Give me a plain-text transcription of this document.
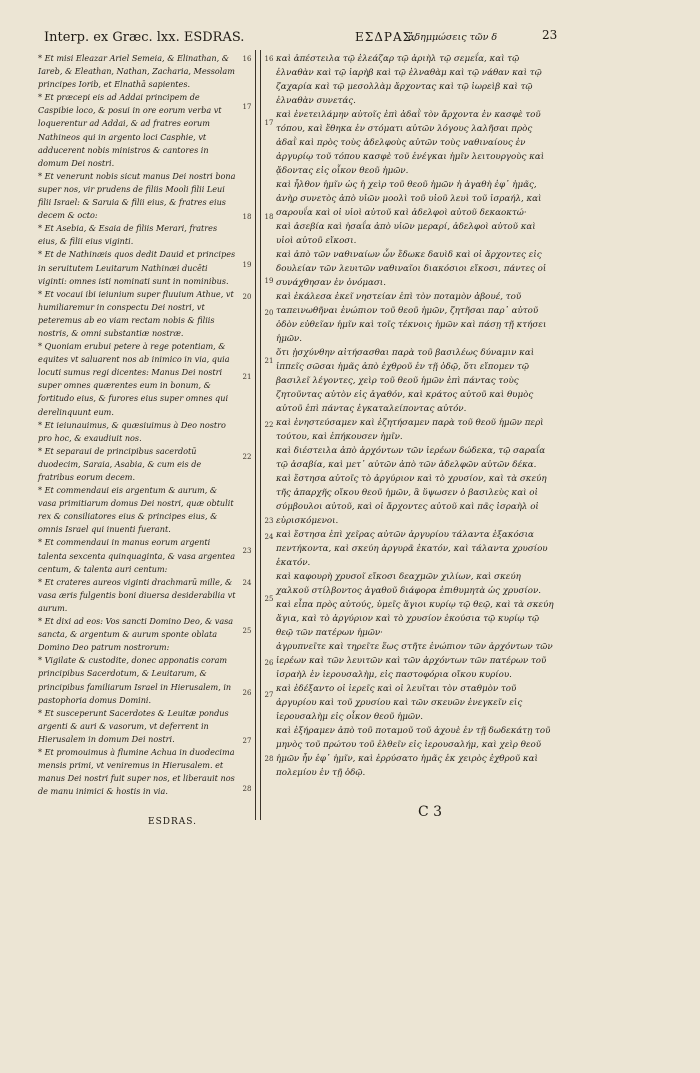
Interp. ex Græc. lxx. ESDRAS.	ΕΣΔΡΑΣ.
ἀδημμώσεις τῶν δ	23
16
17
18
19
20
21
22
23
24
25
26
27
28

* Et misi Eleazar Ariel Semeia, & Elinathan, & Iareb, & Eleathan, Nathan, Zacharia, Messolam principes Iorib, et Elnathā sapientes.

* Et præcepi eis ad Addai principem de Caspibie loco, & posui in ore eorum verba vt loquerentur ad Addai, & ad fratres eorum Nathineos qui in argento loci Casphie, vt adducerent nobis ministros & cantores in domum Dei nostri.

* Et venerunt nobis sicut manus Dei nostri bona super nos, vir prudens de filiis Mooli filii Leui filii Israel: & Saruia & filii eius, & fratres eius decem & octo:

* Et Asebia, & Esaia de filiis Merari, fratres eius, & filii eius viginti.

* Et de Nathinæis quos dedit Dauid et principes in seruitutem Leuitarum Nathinæi ducēti viginti: omnes isti nominati sunt in nominibus.

* Et vocaui ibi ieiunium super fluuium Athue, vt humiliaremur in conspectu Dei nostri, vt peteremus ab eo viam rectam nobis & filiis nostris, & omni substantiæ nostræ.

* Quoniam erubui petere à rege potentiam, & equites vt saluarent nos ab inimico in via, quia locuti sumus regi dicentes: Manus Dei nostri super omnes quærentes eum in bonum, & fortitudo eius, & furores eius super omnes qui derelinquunt eum.

* Et ieiunauimus, & quæsiuimus à Deo nostro pro hoc, & exaudiuit nos.

* Et separaui de principibus sacerdotū duodecim, Saraia, Asabia, & cum eis de fratribus eorum decem.

* Et commendaui eis argentum & aurum, & vasa primitiarum domus Dei nostri, quæ obtulit rex & consiliatores eius & principes eius, & omnis Israel qui inuenti fuerant.

* Et commendaui in manus eorum argenti talenta sexcenta quinquaginta, & vasa argentea centum, & talenta auri centum:

* Et crateres aureos viginti drachmarū mille, & vasa æris fulgentis boni diuersa desiderabilia vt aurum.

* Et dixi ad eos: Vos sancti Domino Deo, & vasa sancta, & argentum & aurum sponte oblata Domino Deo patrum nostrorum:

* Vigilate & custodite, donec apponatis coram principibus Sacerdotum, & Leuitarum, & principibus familiarum Israel in Hierusalem, in pastophoria domus Domini.

* Et susceperunt Sacerdotes & Leuitæ pondus argenti & auri & vasorum, vt deferrent in Hierusalem in domum Dei nostri.

* Et promouimus à flumine Achua in duodecima mensis primi, vt veniremus in Hierusalem. et manus Dei nostri fuit super nos, et liberauit nos de manu inimici & hostis in via.

16
17
18
19
20
21
22
23
24
25
26
27
28

καὶ ἀπέστειλα τῷ ἐλεάζαρ τῷ ἀριὴλ τῷ σεμεΐα, καὶ τῷ ἐλναθὰν καὶ τῷ ἰαρὴβ καὶ τῷ ἐλναθὰμ καὶ τῷ νάθαν καὶ τῷ ζαχαρία καὶ τῷ μεσολλὰμ ἄρχοντας καὶ τῷ ἰωρεὶβ καὶ τῷ ἐλναθὰν συνετάς.

καὶ ἐνετειλάμην αὐτοῖς ἐπὶ ἀδαῒ τὸν ἄρχοντα ἐν κασφὲ τοῦ τόπου, καὶ ἔθηκα ἐν στόματι αὐτῶν λόγους λαλῆσαι πρὸς ἀδαῒ καὶ πρὸς τοὺς ἀδελφοὺς αὐτῶν τοὺς ναθιναίους ἐν ἀργυρίῳ τοῦ τόπου κασφὲ τοῦ ἐνέγκαι ἡμῖν λειτουργοὺς καὶ ᾄδοντας εἰς οἶκον θεοῦ ἡμῶν.

καὶ ἦλθον ἡμῖν ὡς ἡ χεὶρ τοῦ θεοῦ ἡμῶν ἡ ἀγαθὴ ἐφ᾽ ἡμᾶς, ἀνὴρ συνετὸς ἀπὸ υἱῶν μοολὶ τοῦ υἱοῦ λευὶ τοῦ ἰσραήλ, καὶ σαρουΐα καὶ οἱ υἱοὶ αὐτοῦ καὶ ἀδελφοὶ αὐτοῦ δεκαοκτώ·

καὶ ἀσεβία καὶ ἠσαΐα ἀπὸ υἱῶν μεραρί, ἀδελφοὶ αὐτοῦ καὶ υἱοὶ αὐτοῦ εἴκοσι.

καὶ ἀπὸ τῶν ναθιναίων ὧν ἔδωκε δαυὶδ καὶ οἱ ἄρχοντες εἰς δουλείαν τῶν λευιτῶν ναθιναῖοι διακόσιοι εἴκοσι, πάντες οἱ συνάχθησαν ἐν ὀνόμασι.

καὶ ἐκάλεσα ἐκεῖ νηστείαν ἐπὶ τὸν ποταμὸν ἀβουέ, τοῦ ταπεινωθῆναι ἐνώπιον τοῦ θεοῦ ἡμῶν, ζητῆσαι παρ᾽ αὐτοῦ ὁδὸν εὐθεῖαν ἡμῖν καὶ τοῖς τέκνοις ἡμῶν καὶ πάσῃ τῇ κτήσει ἡμῶν.

ὅτι ᾐσχύνθην αἰτήσασθαι παρὰ τοῦ βασιλέως δύναμιν καὶ ἱππεῖς σῶσαι ἡμᾶς ἀπὸ ἐχθροῦ ἐν τῇ ὁδῷ, ὅτι εἴπομεν τῷ βασιλεῖ λέγοντες, χεὶρ τοῦ θεοῦ ἡμῶν ἐπὶ πάντας τοὺς ζητοῦντας αὐτὸν εἰς ἀγαθόν, καὶ κράτος αὐτοῦ καὶ θυμὸς αὐτοῦ ἐπὶ πάντας ἐγκαταλείποντας αὐτόν.

καὶ ἐνηστεύσαμεν καὶ ἐζητήσαμεν παρὰ τοῦ θεοῦ ἡμῶν περὶ τούτου, καὶ ἐπήκουσεν ἡμῖν.

καὶ διέστειλα ἀπὸ ἀρχόντων τῶν ἱερέων δώδεκα, τῷ σαραΐα τῷ ἀσαβία, καὶ μετ᾽ αὐτῶν ἀπὸ τῶν ἀδελφῶν αὐτῶν δέκα.

καὶ ἔστησα αὐτοῖς τὸ ἀργύριον καὶ τὸ χρυσίον, καὶ τὰ σκεύη τῆς ἀπαρχῆς οἴκου θεοῦ ἡμῶν, ἃ ὕψωσεν ὁ βασιλεὺς καὶ οἱ σύμβουλοι αὐτοῦ, καὶ οἱ ἄρχοντες αὐτοῦ καὶ πᾶς ἰσραὴλ οἱ εὑρισκόμενοι.

καὶ ἔστησα ἐπὶ χεῖρας αὐτῶν ἀργυρίου τάλαντα ἑξακόσια πεντήκοντα, καὶ σκεύη ἀργυρᾶ ἑκατόν, καὶ τάλαντα χρυσίου ἑκατόν.

καὶ καφουρὴ χρυσοῖ εἴκοσι δεαχμῶν χιλίων, καὶ σκεύη χαλκοῦ στίλβοντος ἀγαθοῦ διάφορα ἐπιθυμητὰ ὡς χρυσίον.

καὶ εἶπα πρὸς αὐτούς, ὑμεῖς ἅγιοι κυρίῳ τῷ θεῷ, καὶ τὰ σκεύη ἅγια, καὶ τὸ ἀργύριον καὶ τὸ χρυσίον ἑκούσια τῷ κυρίῳ τῷ θεῷ τῶν πατέρων ἡμῶν·

ἀγρυπνεῖτε καὶ τηρεῖτε ἕως στῆτε ἐνώπιον τῶν ἀρχόντων τῶν ἱερέων καὶ τῶν λευιτῶν καὶ τῶν ἀρχόντων τῶν πατέρων τοῦ ἰσραὴλ ἐν ἱερουσαλὴμ, εἰς παστοφόρια οἴκου κυρίου.

καὶ ἐδέξαντο οἱ ἱερεῖς καὶ οἱ λευῖται τὸν σταθμὸν τοῦ ἀργυρίου καὶ τοῦ χρυσίου καὶ τῶν σκευῶν ἐνεγκεῖν εἰς ἱερουσαλὴμ εἰς οἶκον θεοῦ ἡμῶν.

καὶ ἐξήραμεν ἀπὸ τοῦ ποταμοῦ τοῦ ἀχουὲ ἐν τῇ δωδεκάτῃ τοῦ μηνὸς τοῦ πρώτου τοῦ ἐλθεῖν εἰς ἱερουσαλήμ, καὶ χεὶρ θεοῦ ἡμῶν ἦν ἐφ᾽ ἡμῖν, καὶ ἐρρύσατο ἡμᾶς ἐκ χειρὸς ἐχθροῦ καὶ πολεμίου ἐν τῇ ὁδῷ.

ESDRAS.
C 3
